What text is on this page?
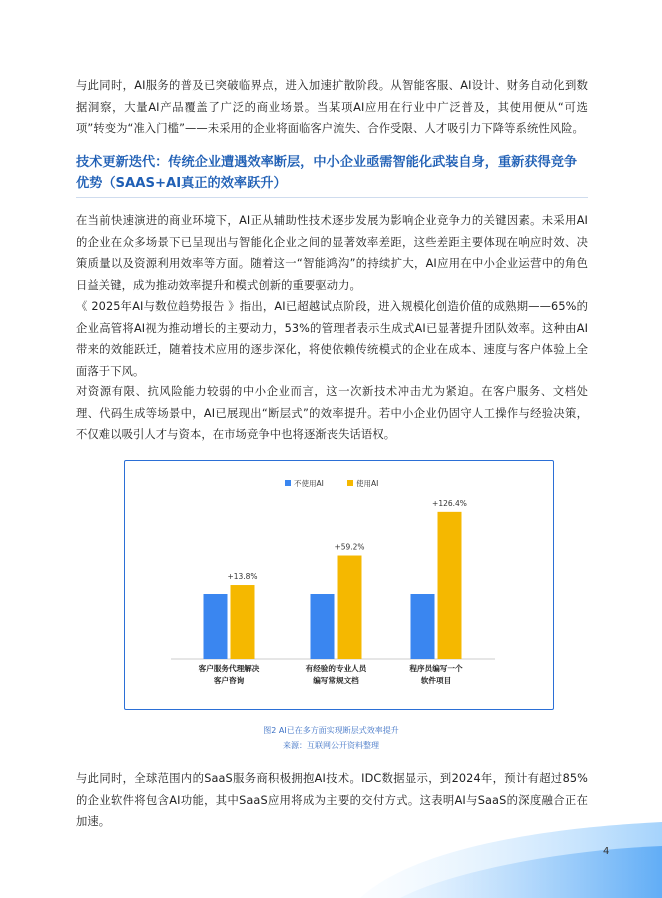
与此同时，AI服务的普及已突破临界点，进入加速扩散阶段。从智能客服、AI设计、财务自动化到数据洞察，大量AI产品覆盖了广泛的商业场景。当某项AI应用在行业中广泛普及，其使用便从“可选项”转变为“准入门槛”——未采用的企业将面临客户流失、合作受限、人才吸引力下降等系统性风险。

技术更新迭代：传统企业遭遇效率断层，中小企业亟需智能化武装自身，重新获得竞争优势（SAAS+AI真正的效率跃升）

在当前快速演进的商业环境下，AI正从辅助性技术逐步发展为影响企业竞争力的关键因素。未采用AI的企业在众多场景下已呈现出与智能化企业之间的显著效率差距，这些差距主要体现在响应时效、决策质量以及资源利用效率等方面。随着这一“智能鸿沟”的持续扩大，AI应用在中小企业运营中的角色日益关键，成为推动效率提升和模式创新的重要驱动力。

《 2025年AI与数位趋势报告 》指出，AI已超越试点阶段，进入规模化创造价值的成熟期——65%的企业高管将AI视为推动增长的主要动力，53%的管理者表示生成式AI已显著提升团队效率。这种由AI带来的效能跃迁，随着技术应用的逐步深化，将使依赖传统模式的企业在成本、速度与客户体验上全面落于下风。

对资源有限、抗风险能力较弱的中小企业而言，这一次新技术冲击尤为紧迫。在客户服务、文档处理、代码生成等场景中，AI已展现出“断层式”的效率提升。若中小企业仍固守人工操作与经验决策，不仅难以吸引人才与资本，在市场竞争中也将逐渐丧失话语权。

不使用AI	使用AI
+13.8%
客户服务代理解决
客户咨询
+59.2%
有经验的专业人员
编写常规文档
+126.4%
程序员编写一个
软件项目

图2 AI已在多方面实现断层式效率提升

来源：互联网公开资料整理

与此同时，全球范围内的SaaS服务商积极拥抱AI技术。IDC数据显示，到2024年，预计有超过85%的企业软件将包含AI功能，其中SaaS应用将成为主要的交付方式。这表明AI与SaaS的深度融合正在加速。

4
